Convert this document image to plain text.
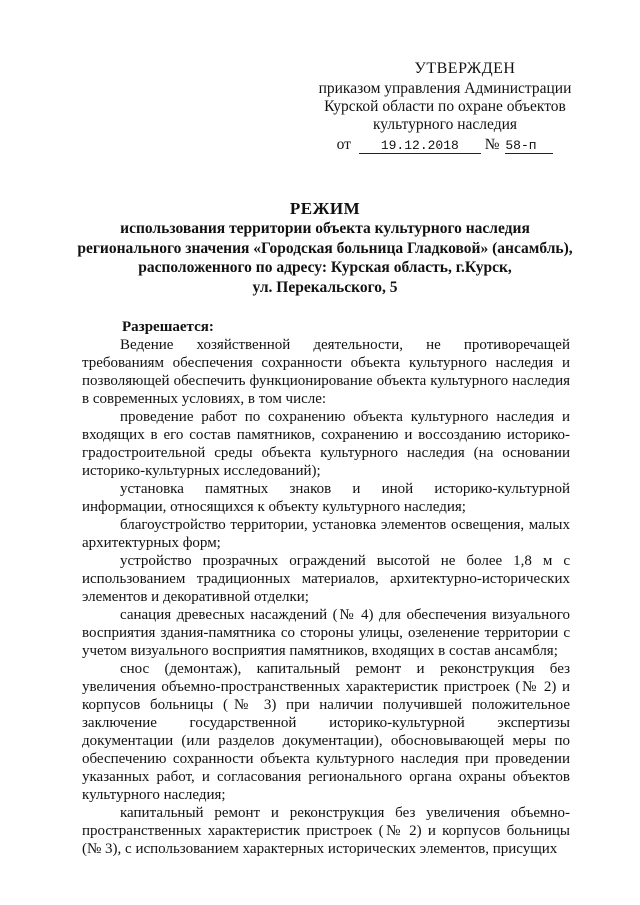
УТВЕРЖДЕН
приказом управления Администрации
Курской области по охране объектов
культурного наследия
от 19.12.2018 № 58-п
РЕЖИМ
использования территории объекта культурного наследия
регионального значения «Городская больница Гладковой» (ансамбль),
расположенного по адресу: Курская область, г.Курск,
ул. Перекальского, 5
Разрешается:

Ведение хозяйственной деятельности, не противоречащей требованиям обеспечения сохранности объекта культурного наследия и позволяющей обеспечить функционирование объекта культурного наследия в современных условиях, в том числе:

проведение работ по сохранению объекта культурного наследия и входящих в его состав памятников, сохранению и воссозданию историко-градостроительной среды объекта культурного наследия (на основании историко-культурных исследований);

установка памятных знаков и иной историко-культурной информации, относящихся к объекту культурного наследия;

благоустройство территории, установка элементов освещения, малых архитектурных форм;

устройство прозрачных ограждений высотой не более 1,8 м с использованием традиционных материалов, архитектурно-исторических элементов и декоративной отделки;

санация древесных насаждений (№ 4) для обеспечения визуального восприятия здания-памятника со стороны улицы, озеленение территории с учетом визуального восприятия памятников, входящих в состав ансамбля;

снос (демонтаж), капитальный ремонт и реконструкция без увеличения объемно-пространственных характеристик пристроек (№ 2) и корпусов больницы (№ 3) при наличии получившей положительное заключение государственной историко-культурной экспертизы документации (или разделов документации), обосновывающей меры по обеспечению сохранности объекта культурного наследия при проведении указанных работ, и согласования регионального органа охраны объектов культурного наследия;

капитальный ремонт и реконструкция без увеличения объемно-пространственных характеристик пристроек (№ 2) и корпусов больницы (№ 3), с использованием характерных исторических элементов, присущих
